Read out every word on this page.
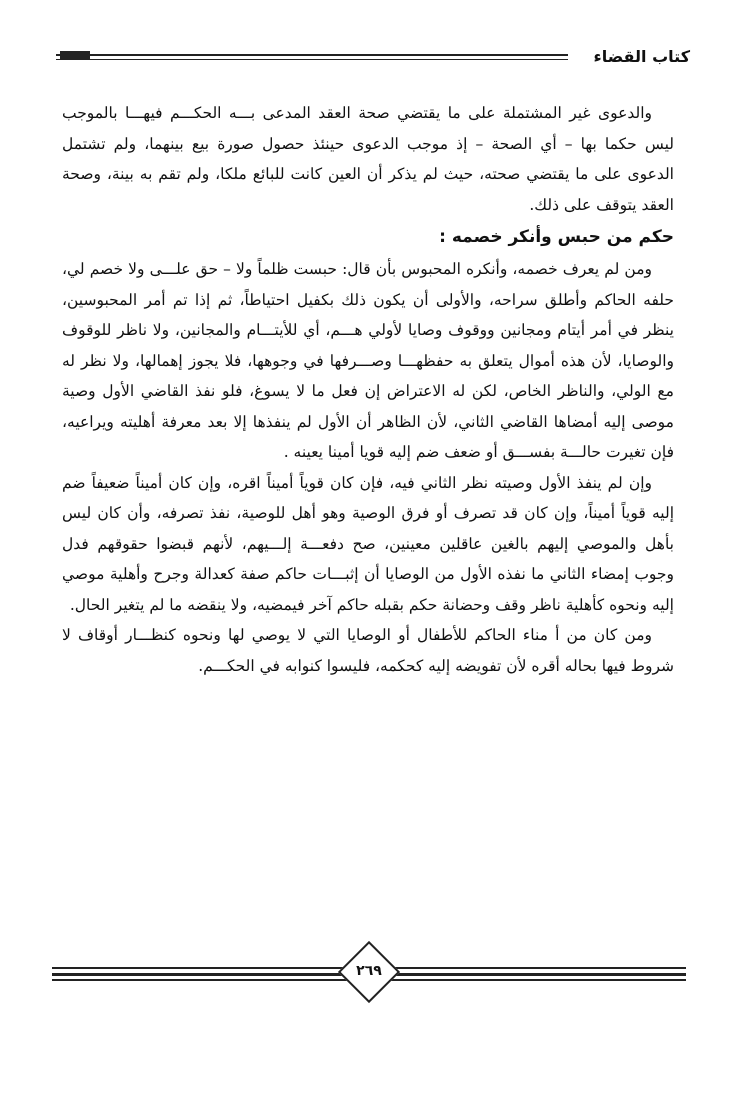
كتاب القضاء

والدعوى غير المشتملة على ما يقتضي صحة العقد المدعى بـــه الحكـــم فيهـــا بالموجب ليس حكما بها – أي الصحة – إذ موجب الدعوى حينئذ حصول صورة بيع بينهما، ولم تشتمل الدعوى على ما يقتضي صحته، حيث لم يذكر أن العين كانت للبائع ملكا، ولم تقم به بينة، وصحة العقد يتوقف على ذلك.

حكم من حبس وأنكر خصمه :

ومن لم يعرف خصمه، وأنكره المحبوس بأن قال: حبست ظلماً ولا – حق علـــى ولا خصم لي، حلفه الحاكم وأطلق سراحه، والأولى أن يكون ذلك بكفيل احتياطاً، ثم إذا تم أمر المحبوسين، ينظر في أمر أيتام ومجانين ووقوف وصايا لأولي هـــم، أي للأيتـــام والمجانين، ولا ناظر للوقوف والوصايا، لأن هذه أموال يتعلق به حفظهـــا وصـــرفها في وجوهها، فلا يجوز إهمالها، ولا نظر له مع الولي، والناظر الخاص، لكن له الاعتراض إن فعل ما لا يسوغ، فلو نفذ القاضي الأول وصية موصى إليه أمضاها القاضي الثاني، لأن الظاهر أن الأول لم ينفذها إلا بعد معرفة أهليته ويراعيه، فإن تغيرت حالـــة بفســـق أو ضعف ضم إليه قويا أمينا يعينه .

وإن لم ينفذ الأول وصيته نظر الثاني فيه، فإن كان قوياً أميناً اقره، وإن كان أميناً ضعيفاً ضم إليه قوياً أميناً، وإن كان قد تصرف أو فرق الوصية وهو أهل للوصية، نفذ تصرفه، وأن كان ليس بأهل والموصي إليهم بالغين عاقلين معينين، صح دفعـــة إلـــيهم، لأنهم قبضوا حقوقهم فدل وجوب إمضاء الثاني ما نفذه الأول من الوصايا أن إثبـــات حاكم صفة كعدالة وجرح وأهلية موصي إليه ونحوه كأهلية ناظر وقف وحضانة حكم بقبله حاكم آخر فيمضيه، ولا ينقضه ما لم يتغير الحال.

ومن كان من أ مناء الحاكم للأطفال أو الوصايا التي لا يوصي لها ونحوه كنظـــار أوقاف لا شروط فيها بحاله أقره لأن تفويضه إليه كحكمه، فليسوا كنوابه في الحكـــم.

٢٦٩
